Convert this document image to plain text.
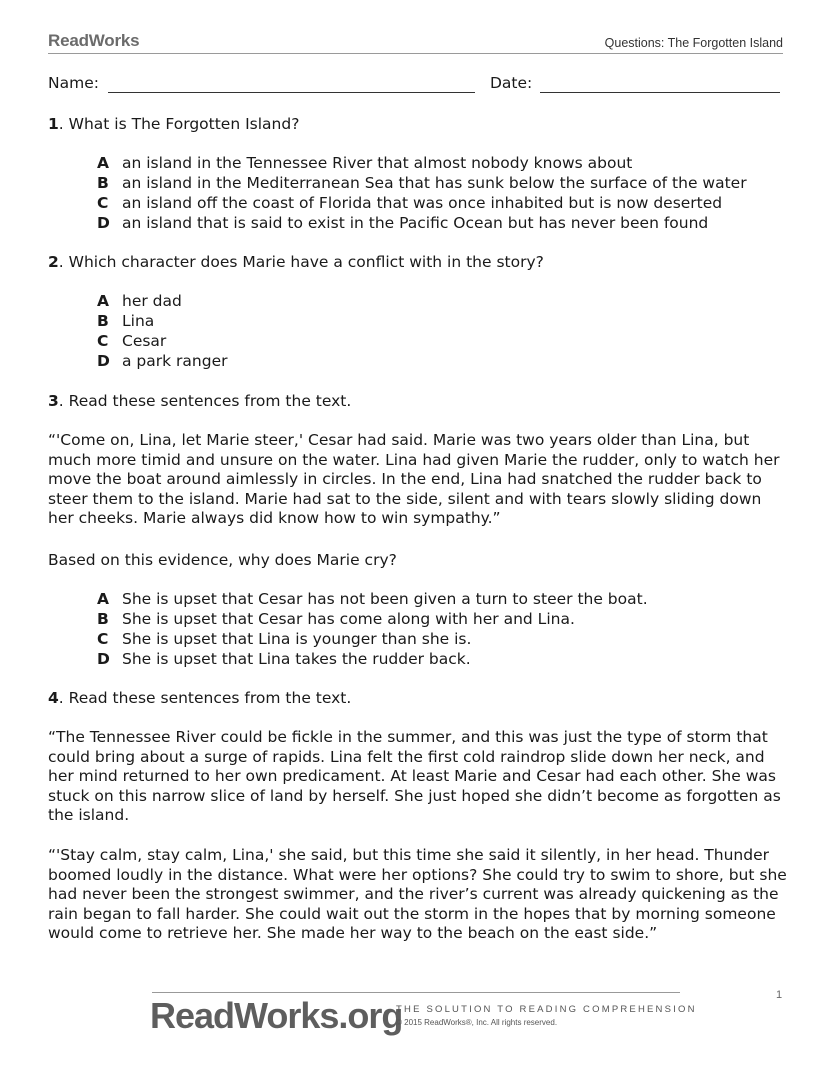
ReadWorks	Questions: The Forgotten Island
Name:	Date:
1. What is The Forgotten Island?
A an island in the Tennessee River that almost nobody knows about
B an island in the Mediterranean Sea that has sunk below the surface of the water
C an island off the coast of Florida that was once inhabited but is now deserted
D an island that is said to exist in the Pacific Ocean but has never been found
2. Which character does Marie have a conflict with in the story?
A her dad
B Lina
C Cesar
D a park ranger
3. Read these sentences from the text.
“'Come on, Lina, let Marie steer,' Cesar had said. Marie was two years older than Lina, but much more timid and unsure on the water. Lina had given Marie the rudder, only to watch her move the boat around aimlessly in circles. In the end, Lina had snatched the rudder back to steer them to the island. Marie had sat to the side, silent and with tears slowly sliding down her cheeks. Marie always did know how to win sympathy.”
Based on this evidence, why does Marie cry?
A She is upset that Cesar has not been given a turn to steer the boat.
B She is upset that Cesar has come along with her and Lina.
C She is upset that Lina is younger than she is.
D She is upset that Lina takes the rudder back.
4. Read these sentences from the text.
“The Tennessee River could be fickle in the summer, and this was just the type of storm that could bring about a surge of rapids. Lina felt the first cold raindrop slide down her neck, and her mind returned to her own predicament. At least Marie and Cesar had each other. She was stuck on this narrow slice of land by herself. She just hoped she didn’t become as forgotten as the island.
“'Stay calm, stay calm, Lina,' she said, but this time she said it silently, in her head. Thunder boomed loudly in the distance. What were her options? She could try to swim to shore, but she had never been the strongest swimmer, and the river’s current was already quickening as the rain began to fall harder. She could wait out the storm in the hopes that by morning someone would come to retrieve her. She made her way to the beach on the east side.”
ReadWorks.org
THE SOLUTION TO READING COMPREHENSION
© 2015 ReadWorks®, Inc. All rights reserved.
1
